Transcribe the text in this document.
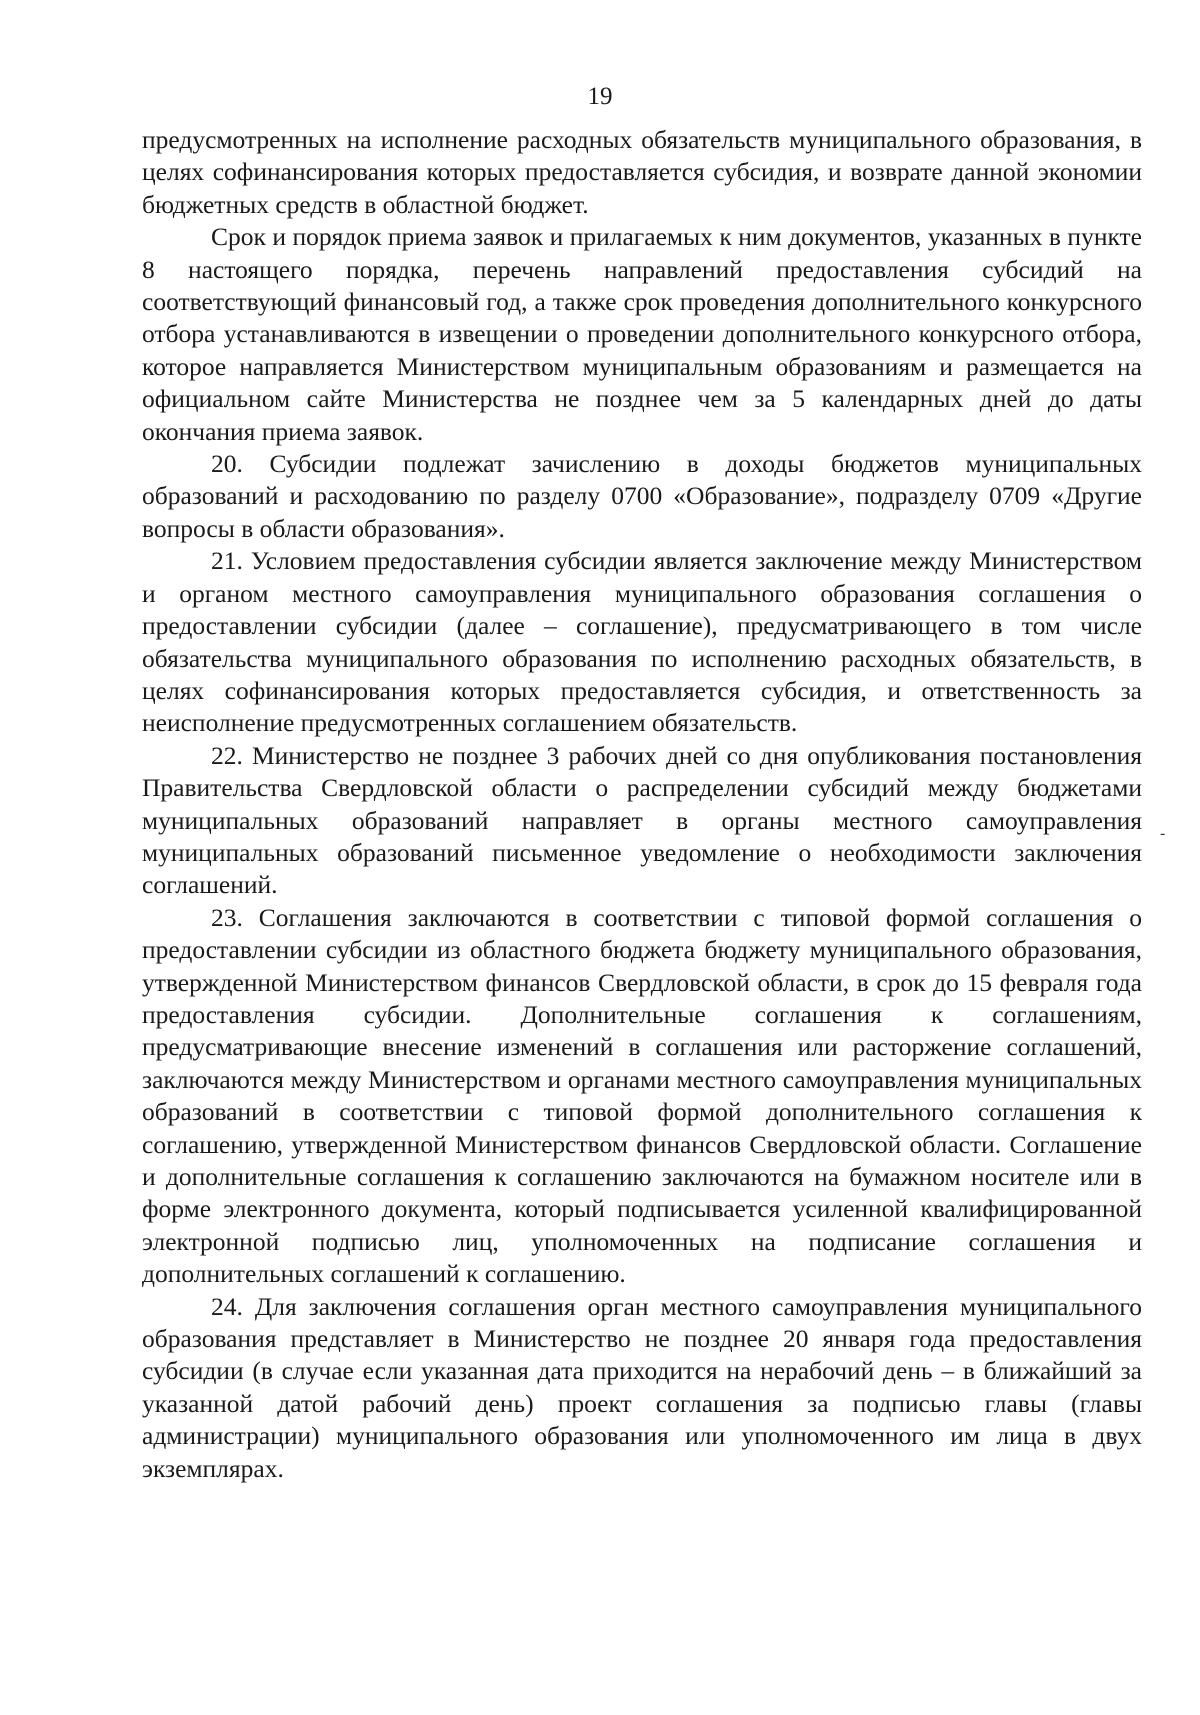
19

предусмотренных на исполнение расходных обязательств муниципального образования, в целях софинансирования которых предоставляется субсидия, и возврате данной экономии бюджетных средств в областной бюджет.

Срок и порядок приема заявок и прилагаемых к ним документов, указанных в пункте 8 настоящего порядка, перечень направлений предоставления субсидий на соответствующий финансовый год, а также срок проведения дополнительного конкурсного отбора устанавливаются в извещении о проведении дополнительного конкурсного отбора, которое направляется Министерством муниципальным образованиям и размещается на официальном сайте Министерства не позднее чем за 5 календарных дней до даты окончания приема заявок.

20. Субсидии подлежат зачислению в доходы бюджетов муниципальных образований и расходованию по разделу 0700 «Образование», подразделу 0709 «Другие вопросы в области образования».

21. Условием предоставления субсидии является заключение между Министерством и органом местного самоуправления муниципального образования соглашения о предоставлении субсидии (далее – соглашение), предусматривающего в том числе обязательства муниципального образования по исполнению расходных обязательств, в целях софинансирования которых предоставляется субсидия, и ответственность за неисполнение предусмотренных соглашением обязательств.

22. Министерство не позднее 3 рабочих дней со дня опубликования постановления Правительства Свердловской области о распределении субсидий между бюджетами муниципальных образований направляет в органы местного самоуправления муниципальных образований письменное уведомление о необходимости заключения соглашений.

23. Соглашения заключаются в соответствии с типовой формой соглашения о предоставлении субсидии из областного бюджета бюджету муниципального образования, утвержденной Министерством финансов Свердловской области, в срок до 15 февраля года предоставления субсидии. Дополнительные соглашения к соглашениям, предусматривающие внесение изменений в соглашения или расторжение соглашений, заключаются между Министерством и органами местного самоуправления муниципальных образований в соответствии с типовой формой дополнительного соглашения к соглашению, утвержденной Министерством финансов Свердловской области. Соглашение и дополнительные соглашения к соглашению заключаются на бумажном носителе или в форме электронного документа, который подписывается усиленной квалифицированной электронной подписью лиц, уполномоченных на подписание соглашения и дополнительных соглашений к соглашению.

24. Для заключения соглашения орган местного самоуправления муниципального образования представляет в Министерство не позднее 20 января года предоставления субсидии (в случае если указанная дата приходится на нерабочий день – в ближайший за указанной датой рабочий день) проект соглашения за подписью главы (главы администрации) муниципального образования или уполномоченного им лица в двух экземплярах.

-
